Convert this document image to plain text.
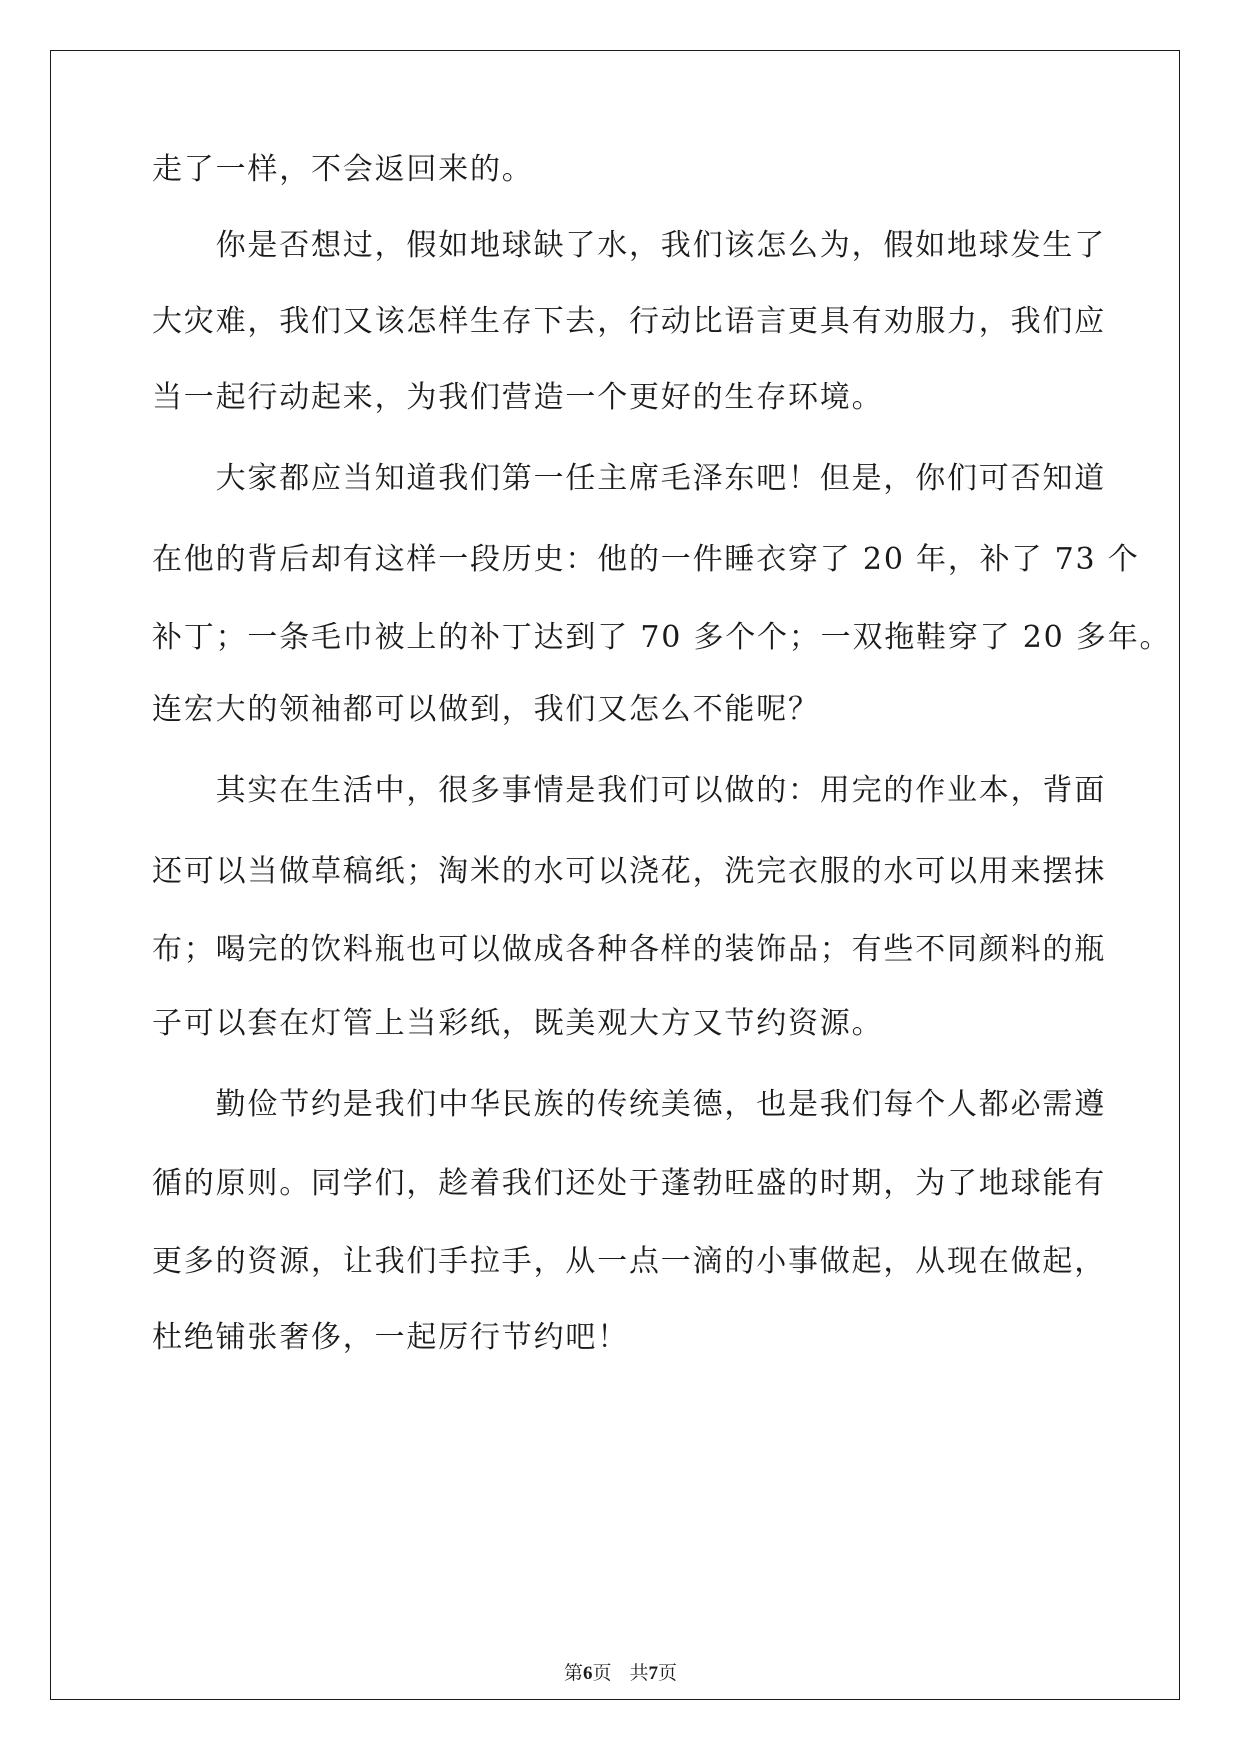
走了一样，不会返回来的。
　　你是否想过，假如地球缺了水，我们该怎么为，假如地球发生了
大灾难，我们又该怎样生存下去，行动比语言更具有劝服力，我们应
当一起行动起来，为我们营造一个更好的生存环境。
　　大家都应当知道我们第一任主席毛泽东吧！但是，你们可否知道
在他的背后却有这样一段历史：他的一件睡衣穿了 20 年，补了 73 个
补丁；一条毛巾被上的补丁达到了 70 多个个；一双拖鞋穿了 20 多年。
连宏大的领袖都可以做到，我们又怎么不能呢？
　　其实在生活中，很多事情是我们可以做的：用完的作业本，背面
还可以当做草稿纸；淘米的水可以浇花，洗完衣服的水可以用来摆抹
布；喝完的饮料瓶也可以做成各种各样的装饰品；有些不同颜料的瓶
子可以套在灯管上当彩纸，既美观大方又节约资源。
　　勤俭节约是我们中华民族的传统美德，也是我们每个人都必需遵
循的原则。同学们，趁着我们还处于蓬勃旺盛的时期，为了地球能有
更多的资源，让我们手拉手，从一点一滴的小事做起，从现在做起，
杜绝铺张奢侈，一起厉行节约吧！
第6页 共7页
